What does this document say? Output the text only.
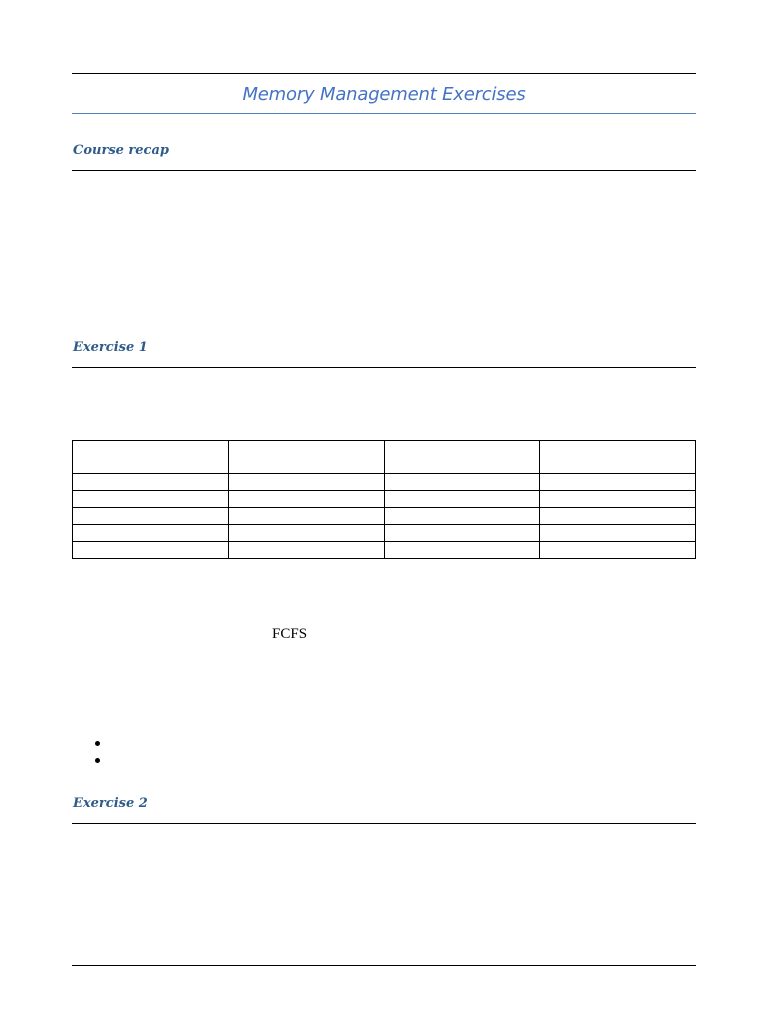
Memory Management Exercises
Course recap
Exercise 1

FCFS
Exercise 2
